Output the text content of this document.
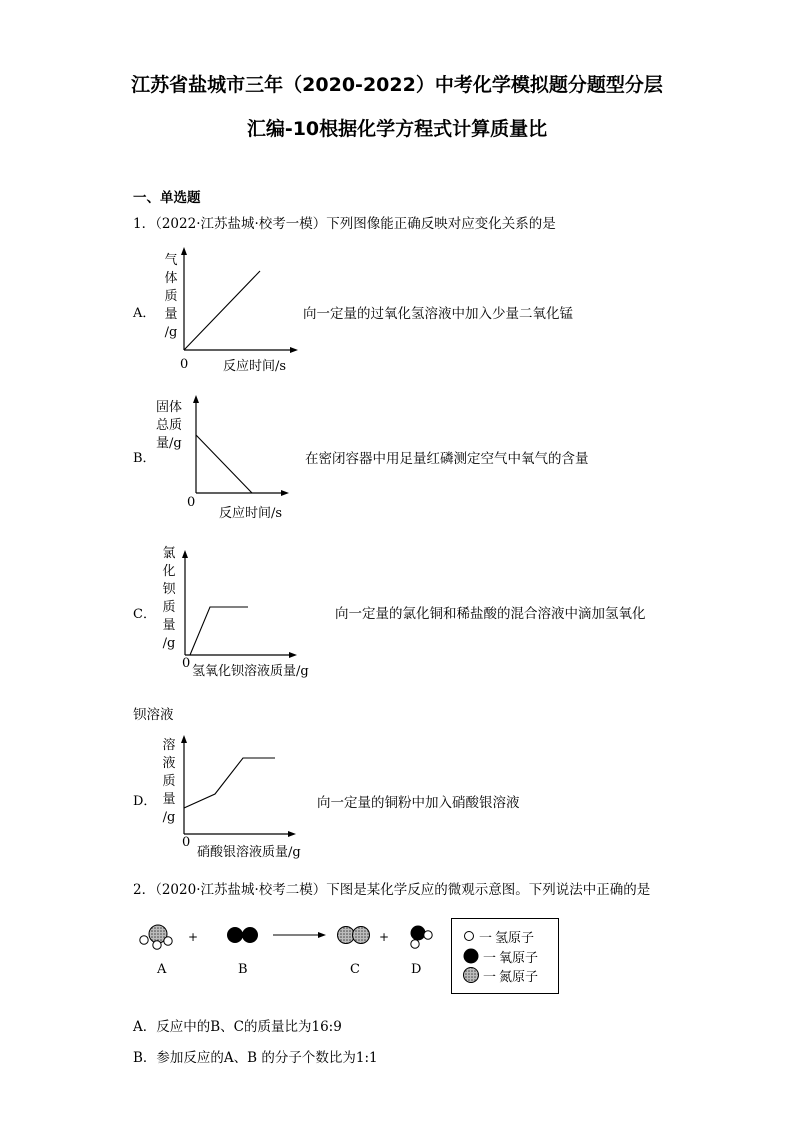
江苏省盐城市三年（2020-2022）中考化学模拟题分题型分层
汇编-10根据化学方程式计算质量比
一、单选题
1．（2022·江苏盐城·校考一模）下列图像能正确反映对应变化关系的是
A．
气
体
质
量
/g
0	反应时间/s
向一定量的过氧化氢溶液中加入少量二氧化锰
B．
固体
总质
量/g
0
反应时间/s
在密闭容器中用足量红磷测定空气中氧气的含量
C．
氯
化
钡
质
量
/g
0
氢氧化钡溶液质量/g
向一定量的氯化铜和稀盐酸的混合溶液中滴加氢氧化
钡溶液
D．
溶
液
质
量
/g
0
硝酸银溶液质量/g
向一定量的铜粉中加入硝酸银溶液
2．（2020·江苏盐城·校考二模）下图是某化学反应的微观示意图。下列说法中正确的是
+	+
A	B	C	D
一 氢原子
一 氧原子
一 氮原子
A．反应中的B、C的质量比为16:9
B．参加反应的A、B 的分子个数比为1:1
